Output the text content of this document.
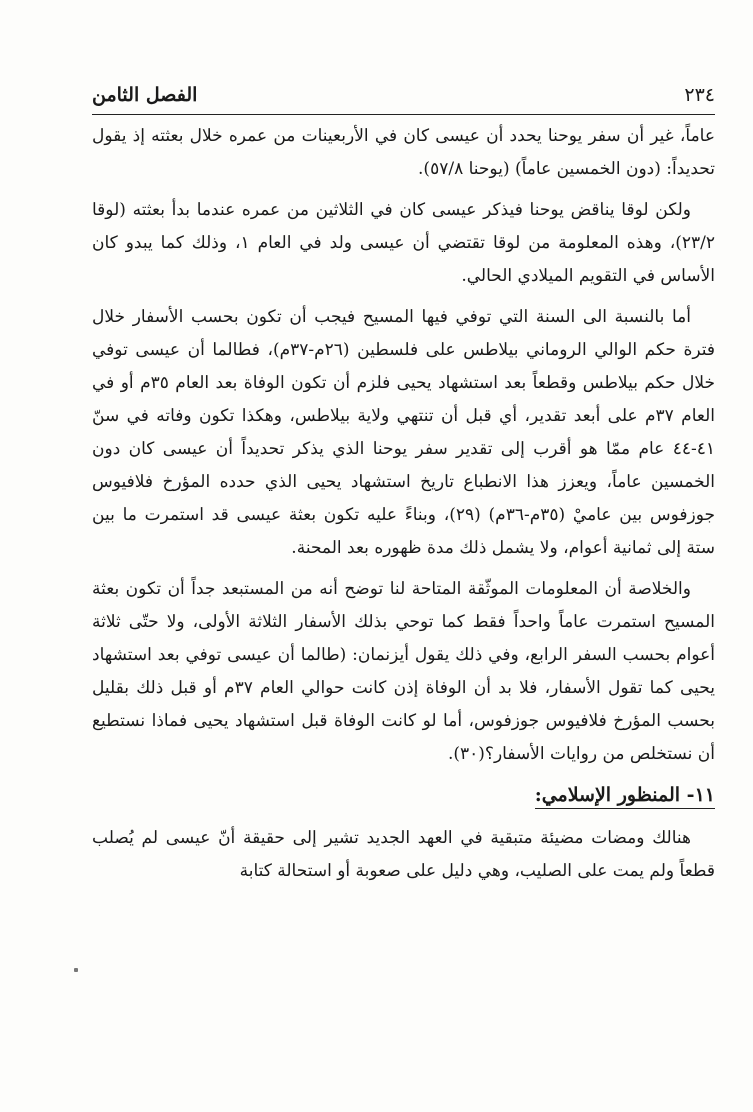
الفصل الثامن	٢٣٤

عاماً، غير أن سفر يوحنا يحدد أن عيسى كان في الأربعينات من عمره خلال بعثته إذ يقول تحديداً: (دون الخمسين عاماً) (يوحنا ٥٧/٨).

ولكن لوقا يناقض يوحنا فيذكر عيسى كان في الثلاثين من عمره عندما بدأ بعثته (لوقا ٢٣/٢)، وهذه المعلومة من لوقا تقتضي أن عيسى ولد في العام ١، وذلك كما يبدو كان الأساس في التقويم الميلادي الحالي.

أما بالنسبة الى السنة التي توفي فيها المسيح فيجب أن تكون بحسب الأسفار خلال فترة حكم الوالي الروماني بيلاطس على فلسطين (٢٦م-٣٧م)، فطالما أن عيسى توفي خلال حكم بيلاطس وقطعاً بعد استشهاد يحيى فلزم أن تكون الوفاة بعد العام ٣٥م أو في العام ٣٧م على أبعد تقدير، أي قبل أن تنتهي ولاية بيلاطس، وهكذا تكون وفاته في سنّ ٤١-٤٤ عام ممّا هو أقرب إلى تقدير سفر يوحنا الذي يذكر تحديداً أن عيسى كان دون الخمسين عاماً، ويعزز هذا الانطباع تاريخ استشهاد يحيى الذي حدده المؤرخ فلافيوس جوزفوس بين عاميْ (٣٥م-٣٦م) (٢٩)، وبناءً عليه تكون بعثة عيسى قد استمرت ما بين ستة إلى ثمانية أعوام، ولا يشمل ذلك مدة ظهوره بعد المحنة.

والخلاصة أن المعلومات الموثّقة المتاحة لنا توضح أنه من المستبعد جداً أن تكون بعثة المسيح استمرت عاماً واحداً فقط كما توحي بذلك الأسفار الثلاثة الأولى، ولا حتّى ثلاثة أعوام بحسب السفر الرابع، وفي ذلك يقول أيزنمان: (طالما أن عيسى توفي بعد استشهاد يحيى كما تقول الأسفار، فلا بد أن الوفاة إذن كانت حوالي العام ٣٧م أو قبل ذلك بقليل بحسب المؤرخ فلافيوس جوزفوس، أما لو كانت الوفاة قبل استشهاد يحيى فماذا نستطيع أن نستخلص من روايات الأسفار؟(٣٠).

١١- المنظور الإسلامي:

هنالك ومضات مضيئة متبقية في العهد الجديد تشير إلى حقيقة أنّ عيسى لم يُصلب قطعاً ولم يمت على الصليب، وهي دليل على صعوبة أو استحالة كتابة
